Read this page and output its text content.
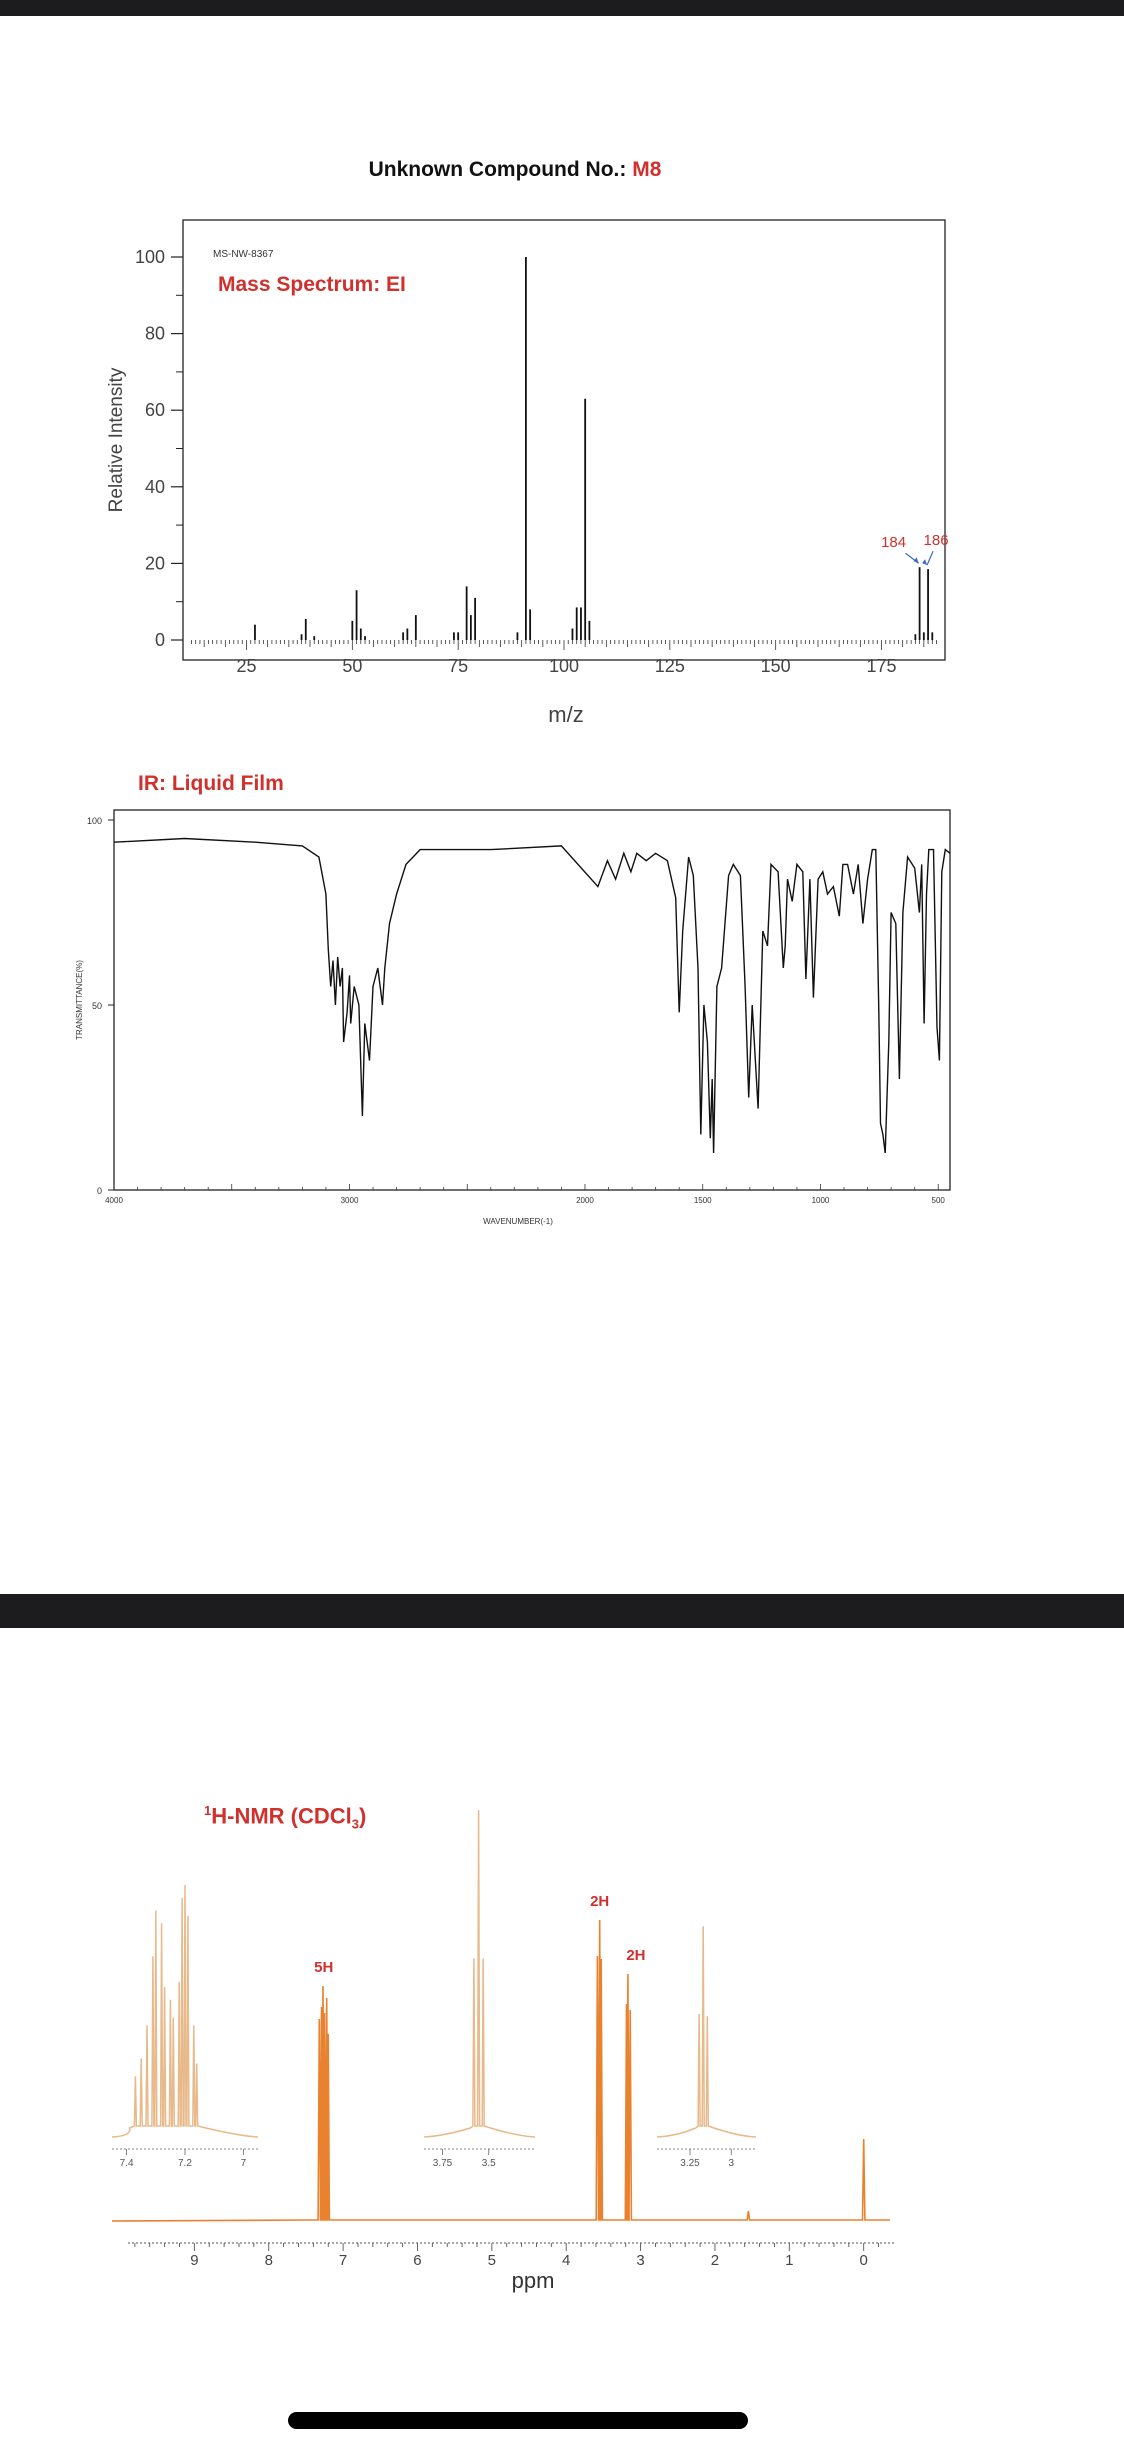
Unknown Compound No.: M8
0
20
40
60
80
100
25	50	75	100	125	150	175
184 186
MS-NW-8367
Mass Spectrum: EI
m/z
Relative Intensity
IR: Liquid Film
0
50
100
4000	3000	2000	1500	1000	500
WAVENUMBER(-1)
TRANSMITTANCE(%)
$^1$H-NMR (CDCl$_3$)
7.4	7.2	7	3.75	3.5	3.25	3
9	8	7	6	5	4	3	2	1	0
5H
2H
2H
ppm
